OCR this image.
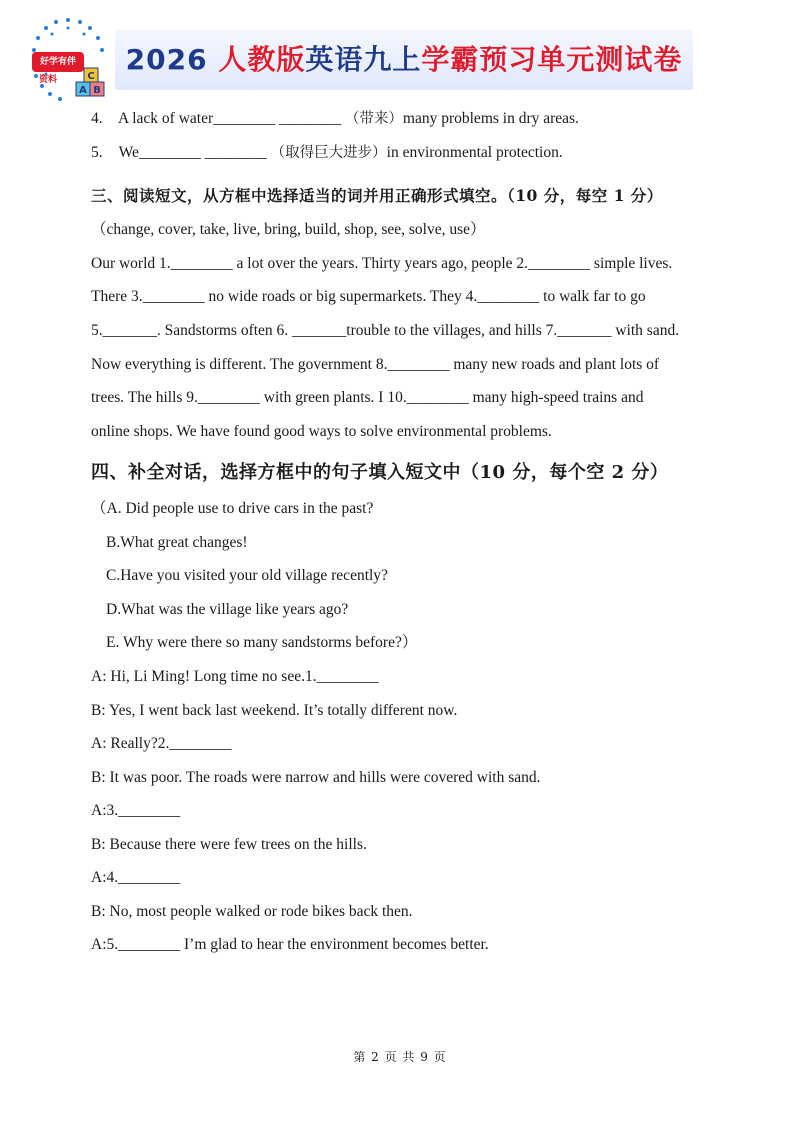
好学有伴
资料	C
A B
2026 人教版英语九上学霸预习单元测试卷
4. A lack of water________ ________ （带来）many problems in dry areas.
5. We________ ________ （取得巨大进步）in environmental protection.
三、阅读短文，从方框中选择适当的词并用正确形式填空。（10 分，每空 1 分）
（change, cover, take, live, bring, build, shop, see, solve, use）
Our world 1.________ a lot over the years. Thirty years ago, people 2.________ simple lives.
There 3.________ no wide roads or big supermarkets. They 4.________ to walk far to go
5._______. Sandstorms often 6. _______trouble to the villages, and hills 7._______ with sand.
Now everything is different. The government 8.________ many new roads and plant lots of
trees. The hills 9.________ with green plants. I 10.________ many high-speed trains and
online shops. We have found good ways to solve environmental problems.
四、补全对话，选择方框中的句子填入短文中（10 分，每个空 2 分）
（A. Did people use to drive cars in the past?
B.What great changes!
C.Have you visited your old village recently?
D.What was the village like years ago?
E. Why were there so many sandstorms before?）
A: Hi, Li Ming! Long time no see.1.________
B: Yes, I went back last weekend. It’s totally different now.
A: Really?2.________
B: It was poor. The roads were narrow and hills were covered with sand.
A:3.________
B: Because there were few trees on the hills.
A:4.________
B: No, most people walked or rode bikes back then.
A:5.________ I’m glad to hear the environment becomes better.
第 2 页 共 9 页
